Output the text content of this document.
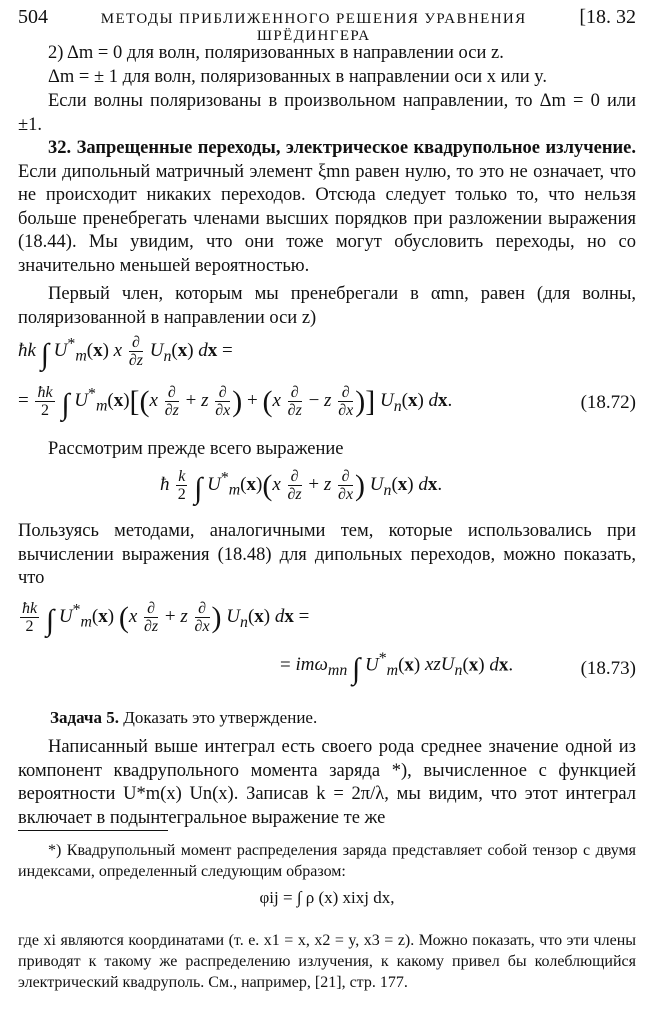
504	МЕТОДЫ ПРИБЛИЖЕННОГО РЕШЕНИЯ УРАВНЕНИЯ ШРЁДИНГЕРА
[18. 32

2) Δm = 0 для волн, поляризованных в направлении оси z.

Δm = ± 1 для волн, поляризованных в направлении оси x или y.

Если волны поляризованы в произвольном направлении, то Δm = 0 или ±1.

32. Запрещенные переходы, электрическое квадрупольное излучение. Если дипольный матричный элемент ξmn равен нулю, то это не означает, что не происходит никаких переходов. Отсюда следует только то, что нельзя больше пренебрегать членами высших порядков при разложении выражения (18.44). Мы увидим, что они тоже могут обусловить переходы, но со значительно меньшей вероятностью.

Первый член, которым мы пренебрегали в αmn, равен (для волны, поляризованной в направлении оси z)

ħk ∫ $U^*_m(x)$ x $\frac{\partial}{\partial z} U_n(x)$ dx =
= $\frac{ħk}{2}$ ∫ $U^*_m(x)[(x \frac{\partial}{\partial z} + z \frac{\partial}{\partial x}$ ) + ($x \frac{\partial}{\partial z} - z \frac{\partial}{\partial x}$ )] $U_n(x)$ dx.	(18.72)

Рассмотрим прежде всего выражение

ħ $\frac{k}{2}$ ∫ $U^*_m(x)(x \frac{\partial}{\partial z} + z \frac{\partial}{\partial x}$ ) $U_n(x)$ dx.

Пользуясь методами, аналогичными тем, которые использовались при вычислении выражения (18.48) для дипольных переходов, можно показать, что

$\frac{ħk}{2}$ ∫ $U^*_m(x)$ ($x \frac{\partial}{\partial z} + z \frac{\partial}{\partial x}$ ) $U_n(x)$ dx =
= imω$_{mn}$ ∫ $U^*_m(x)$ xzU$_n$(x) dx.	(18.73)
Задача 5. Доказать это утверждение.

Написанный выше интеграл есть своего рода среднее значение одной из компонент квадрупольного момента заряда *), вычисленное с функцией вероятности U*m(x) Un(x). Записав k = 2π/λ, мы видим, что этот интеграл включает в подынтегральное выражение те же

*) Квадрупольный момент распределения заряда представляет собой тензор с двумя индексами, определенный следующим образом:

φij = ∫ ρ (x) xixj dx,

где xi являются координатами (т. е. x1 = x, x2 = y, x3 = z). Можно показать, что эти члены приводят к такому же распределению излучения, к какому привел бы колеблющийся электрический квадруполь. См., например, [21], стр. 177.
